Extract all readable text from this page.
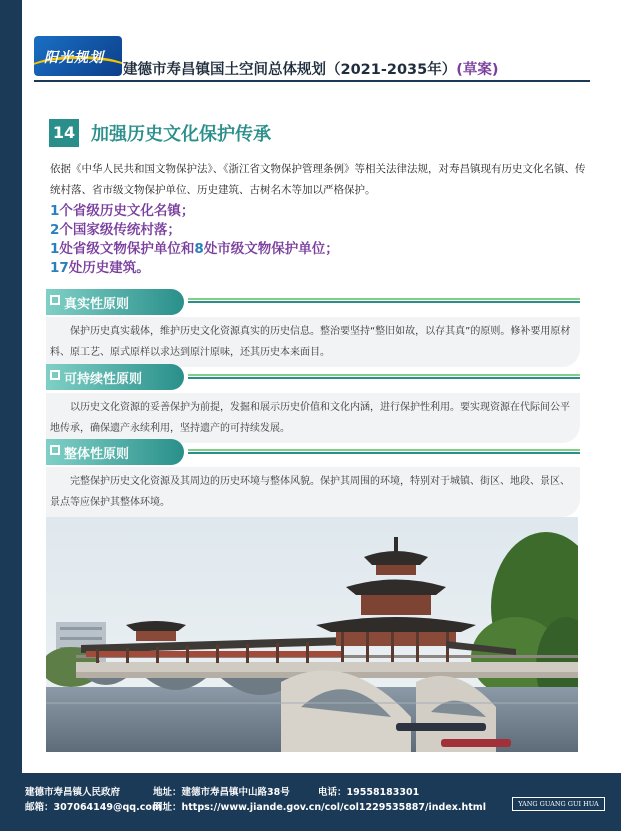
阳光规划
建德市寿昌镇国土空间总体规划（2021-2035年）(草案)
14 加强历史文化保护传承
依据《中华人民共和国文物保护法》、《浙江省文物保护管理条例》等相关法律法规，对寿昌镇现有历史文化名镇、传统村落、省市级文物保护单位、历史建筑、古树名木等加以严格保护。
1个省级历史文化名镇；
2个国家级传统村落；
1处省级文物保护单位和8处市级文物保护单位；
17处历史建筑。
真实性原则
保护历史真实载体，维护历史文化资源真实的历史信息。整治要坚持“整旧如故，以存其真”的原则。修补要用原材料、原工艺、原式原样以求达到原汁原味，还其历史本来面目。
可持续性原则
以历史文化资源的妥善保护为前提，发掘和展示历史价值和文化内涵，进行保护性利用。要实现资源在代际间公平地传承，确保遗产永续利用，坚持遗产的可持续发展。
整体性原则
完整保护历史文化资源及其周边的历史环境与整体风貌。保护其周围的环境，特别对于城镇、街区、地段、景区、景点等应保护其整体环境。
建德市寿昌镇人民政府	地址：建德市寿昌镇中山路38号	电话：19558183301
邮箱：307064149@qq.com
网址：https://www.jiande.gov.cn/col/col1229535887/index.html	YANG GUANG GUI HUA
